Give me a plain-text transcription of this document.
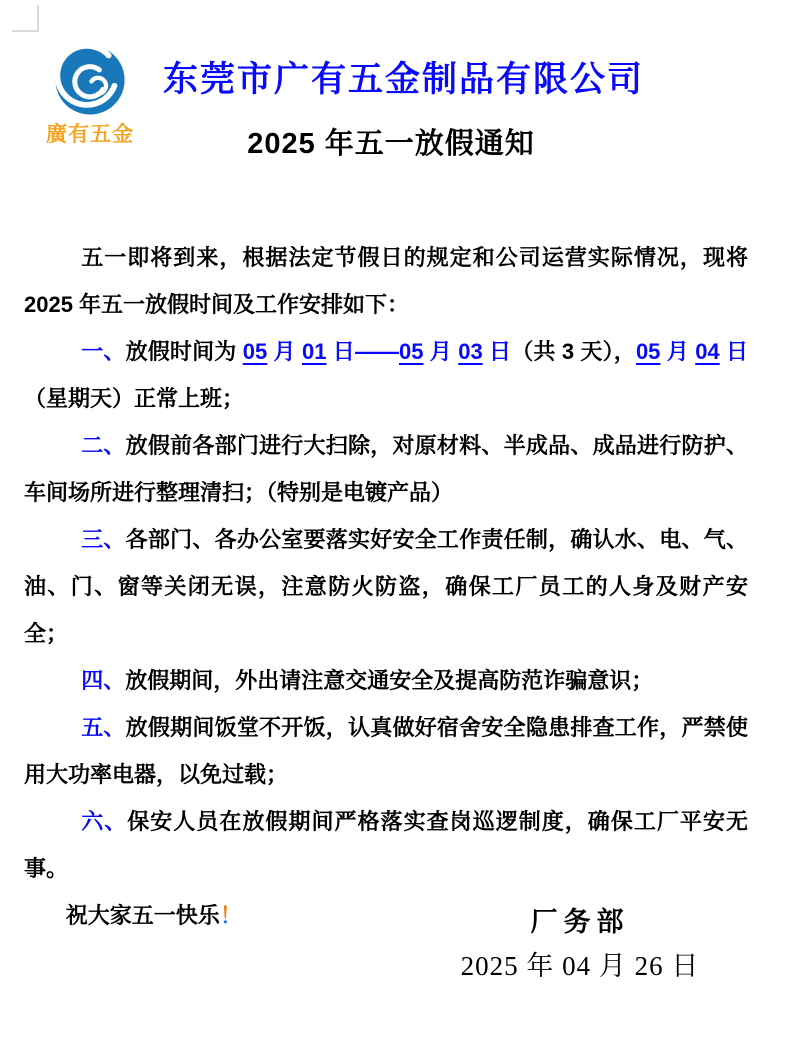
廣有五金
东莞市广有五金制品有限公司
2025 年五一放假通知

五一即将到来，根据法定节假日的规定和公司运营实际情况，现将 2025 年五一放假时间及工作安排如下：

一、放假时间为 05 月 01 日——05 月 03 日（共 3 天），05 月 04 日（星期天）正常上班；

二、放假前各部门进行大扫除，对原材料、半成品、成品进行防护、车间场所进行整理清扫；（特别是电镀产品）

三、各部门、各办公室要落实好安全工作责任制，确认水、电、气、油、门、窗等关闭无误，注意防火防盗，确保工厂员工的人身及财产安全；

四、放假期间，外出请注意交通安全及提高防范诈骗意识；

五、放假期间饭堂不开饭，认真做好宿舍安全隐患排查工作，严禁使用大功率电器，以免过载；

六、保安人员在放假期间严格落实查岗巡逻制度，确保工厂平安无事。

祝大家五一快乐！	厂务部

2025 年 04 月 26 日
